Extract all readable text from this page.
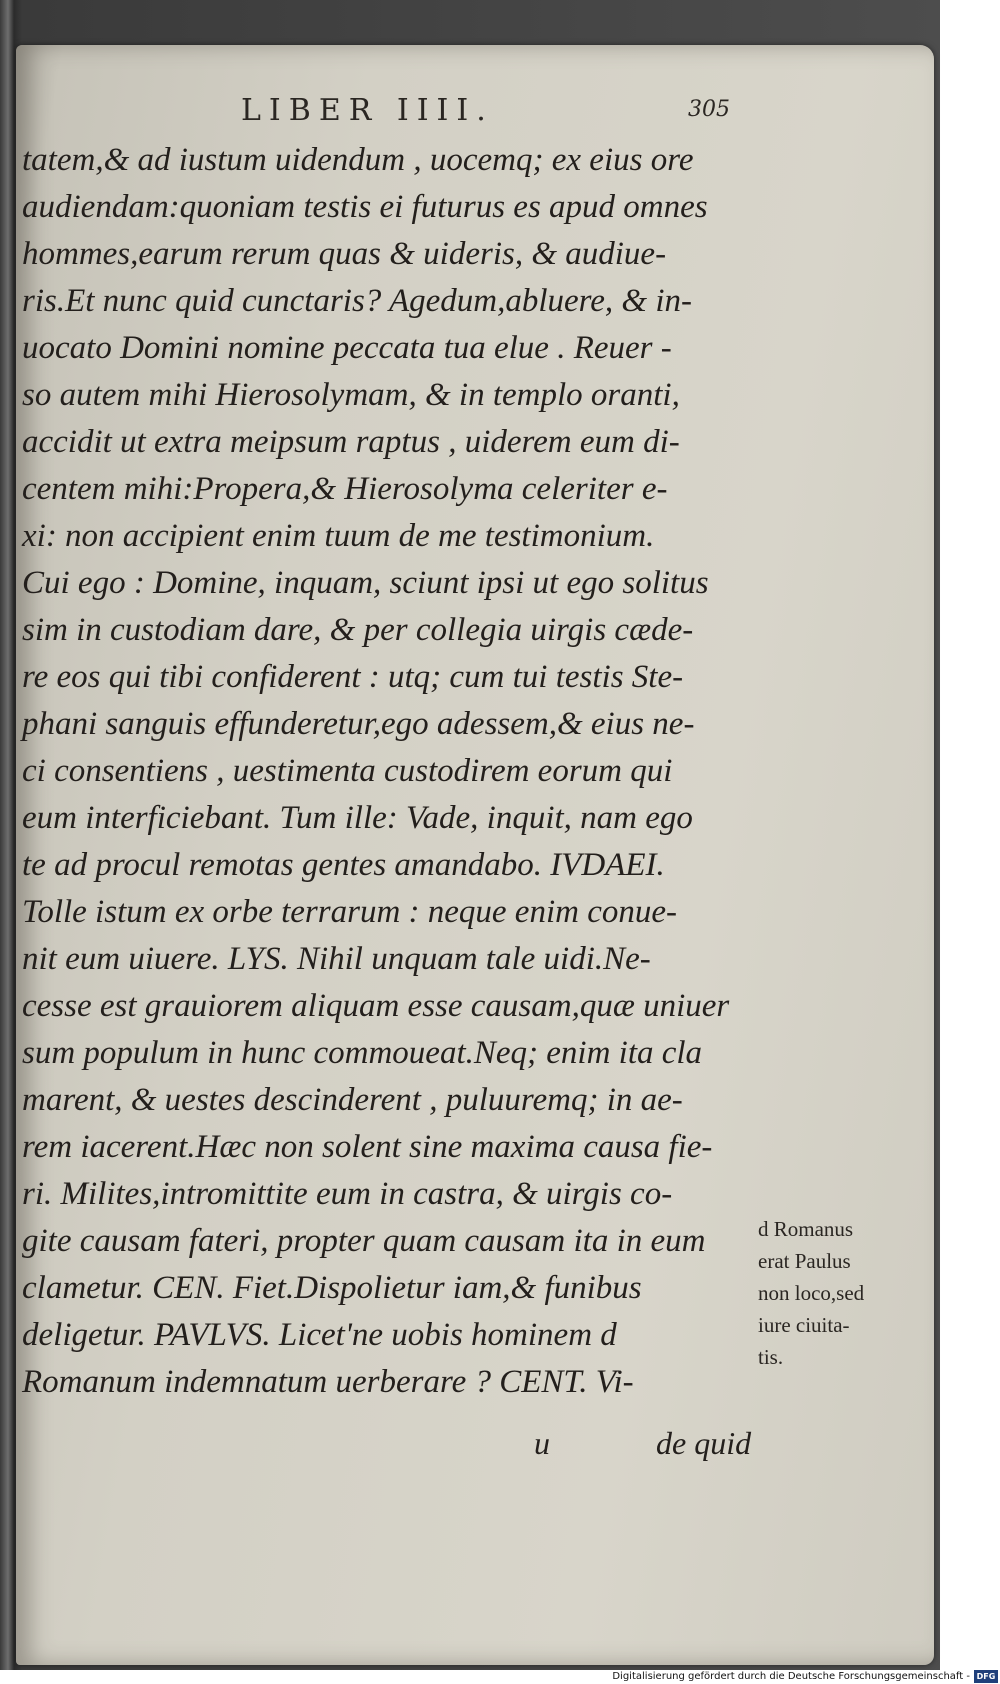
LIBER IIII.	305
tatem,& ad iustum uidendum , uocemq; ex eius ore
audiendam:quoniam testis ei futurus es apud omnes
hommes,earum rerum quas & uideris, & audiue-
ris.Et nunc quid cunctaris? Agedum,abluere, & in-
uocato Domini nomine peccata tua elue . Reuer -
so autem mihi Hierosolymam, & in templo oranti,
accidit ut extra meipsum raptus , uiderem eum di-
centem mihi:Propera,& Hierosolyma celeriter e-
xi: non accipient enim tuum de me testimonium.
Cui ego : Domine, inquam, sciunt ipsi ut ego solitus
sim in custodiam dare, & per collegia uirgis cæde-
re eos qui tibi confiderent : utq; cum tui testis Ste-
phani sanguis effunderetur,ego adessem,& eius ne-
ci consentiens , uestimenta custodirem eorum qui
eum interficiebant. Tum ille: Vade, inquit, nam ego
te ad procul remotas gentes amandabo. IVDAEI.
Tolle istum ex orbe terrarum : neque enim conue-
nit eum uiuere. LYS. Nihil unquam tale uidi.Ne-
cesse est grauiorem aliquam esse causam,quæ uniuer
sum populum in hunc commoueat.Neq; enim ita cla
marent, & uestes descinderent , puluuremq; in ae-
rem iacerent.Hæc non solent sine maxima causa fie-
ri. Milites,intromittite eum in castra, & uirgis co-
gite causam fateri, propter quam causam ita in eum
clametur. CEN. Fiet.Dispolietur iam,& funibus
deligetur. PAVLVS. Licet'ne uobis hominem d
Romanum indemnatum uerberare ? CENT. Vi-
d Romanus
erat Paulus
non loco,sed
iure ciuita-
tis.
u	de quid
Digitalisierung gefördert durch die Deutsche Forschungsgemeinschaft - DFG
